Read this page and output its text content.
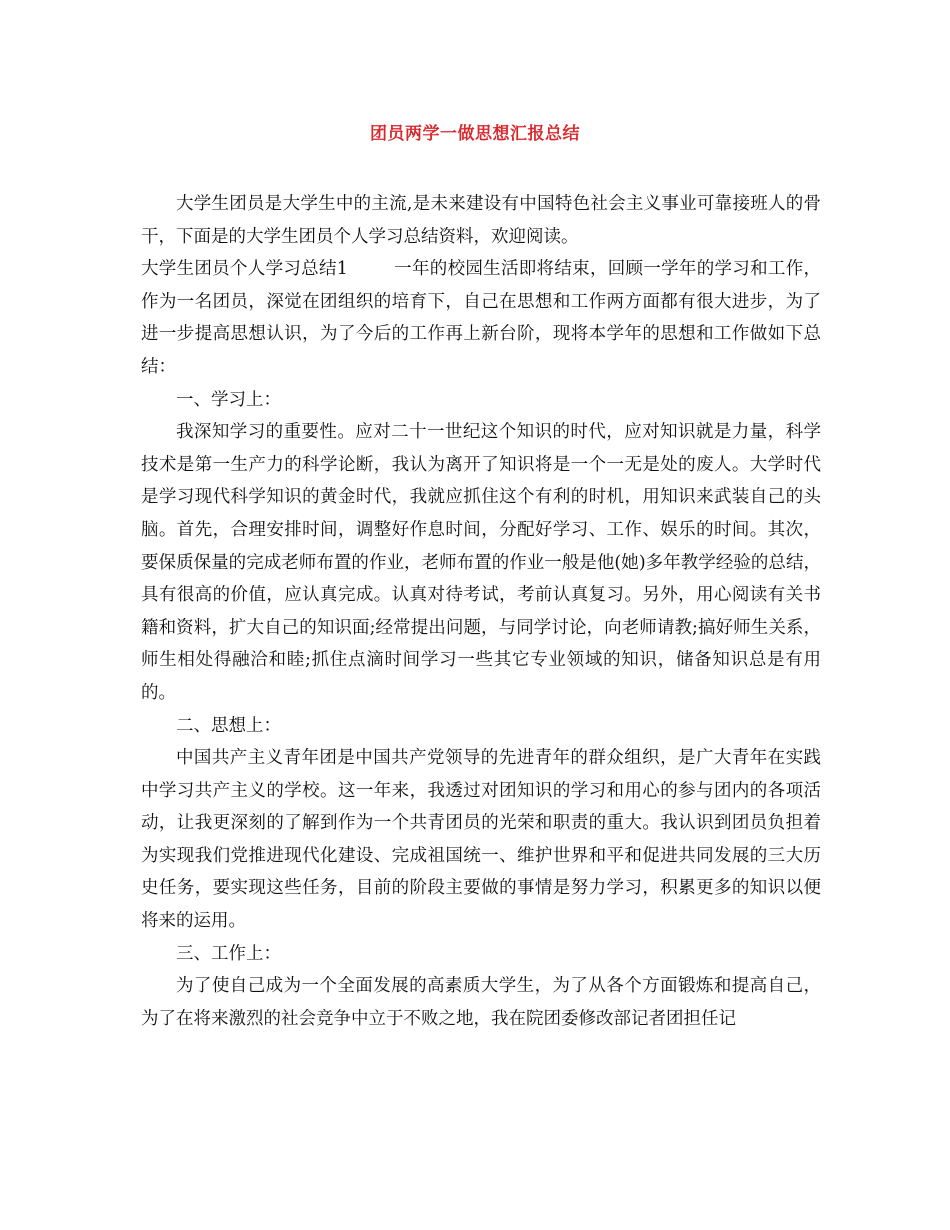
团员两学一做思想汇报总结

大学生团员是大学生中的主流,是未来建设有中国特色社会主义事业可靠接班人的骨干，下面是的大学生团员个人学习总结资料，欢迎阅读。

大学生团员个人学习总结1	一年的校园生活即将结束，回顾一学年的学习和工作，作为一名团员，深觉在团组织的培育下，自己在思想和工作两方面都有很大进步，为了进一步提高思想认识，为了今后的工作再上新台阶，现将本学年的思想和工作做如下总结：

一、学习上：

我深知学习的重要性。应对二十一世纪这个知识的时代，应对知识就是力量，科学技术是第一生产力的科学论断，我认为离开了知识将是一个一无是处的废人。大学时代是学习现代科学知识的黄金时代，我就应抓住这个有利的时机，用知识来武装自己的头脑。首先，合理安排时间，调整好作息时间，分配好学习、工作、娱乐的时间。其次，要保质保量的完成老师布置的作业，老师布置的作业一般是他(她)多年教学经验的总结，具有很高的价值，应认真完成。认真对待考试，考前认真复习。另外，用心阅读有关书籍和资料，扩大自己的知识面;经常提出问题，与同学讨论，向老师请教;搞好师生关系，师生相处得融洽和睦;抓住点滴时间学习一些其它专业领域的知识，储备知识总是有用的。

二、思想上：

中国共产主义青年团是中国共产党领导的先进青年的群众组织，是广大青年在实践中学习共产主义的学校。这一年来，我透过对团知识的学习和用心的参与团内的各项活动，让我更深刻的了解到作为一个共青团员的光荣和职责的重大。我认识到团员负担着为实现我们党推进现代化建设、完成祖国统一、维护世界和平和促进共同发展的三大历史任务，要实现这些任务，目前的阶段主要做的事情是努力学习，积累更多的知识以便将来的运用。

三、工作上：

为了使自己成为一个全面发展的高素质大学生，为了从各个方面锻炼和提高自己，为了在将来激烈的社会竞争中立于不败之地，我在院团委修改部记者团担任记
